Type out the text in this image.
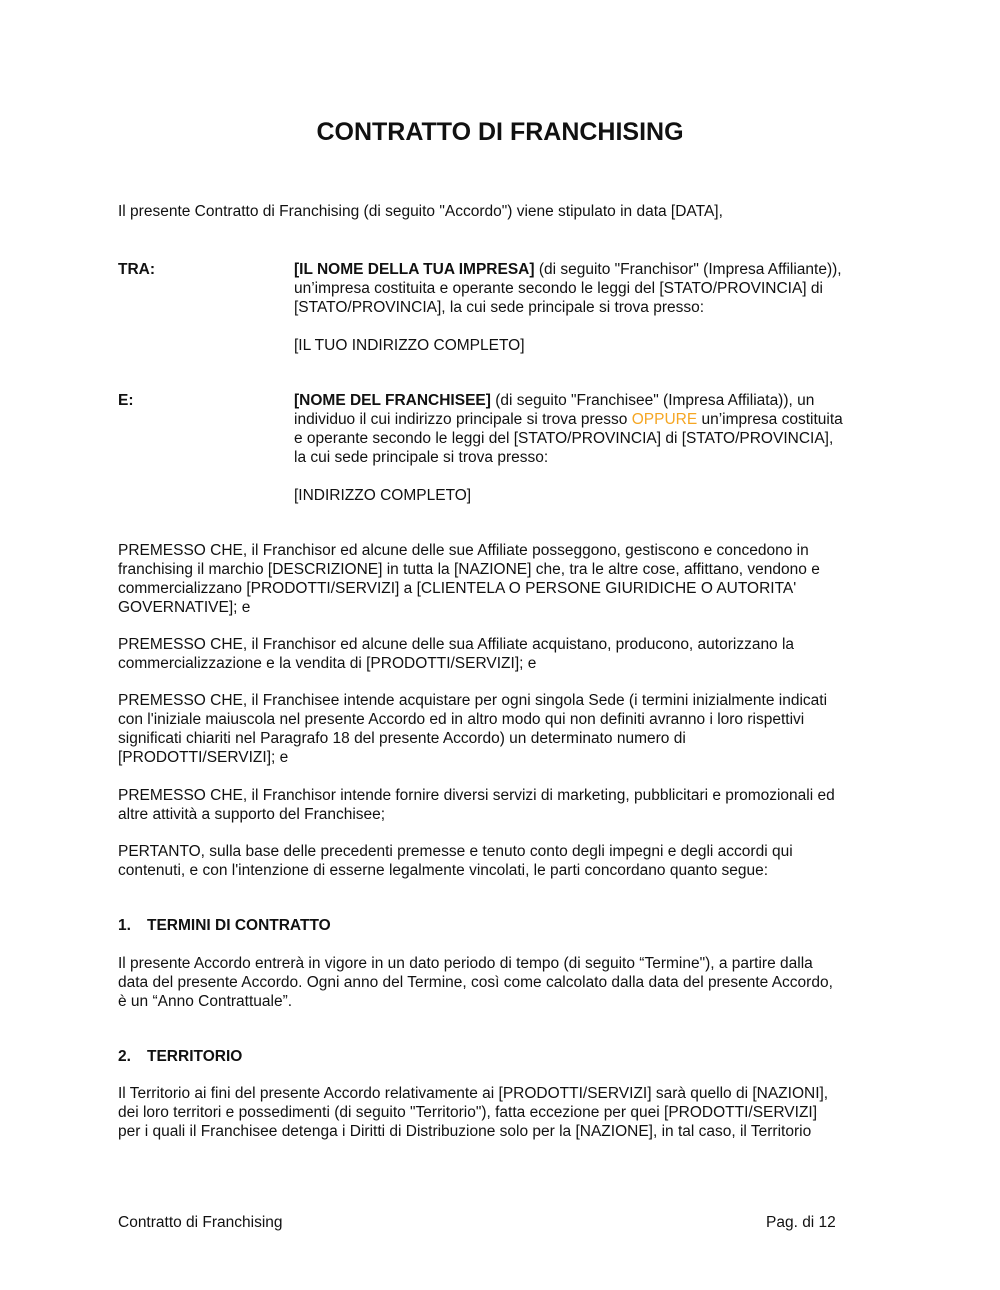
CONTRATTO DI FRANCHISING

Il presente Contratto di Franchising (di seguito "Accordo") viene stipulato in data [DATA],

TRA:	[IL NOME DELLA TUA IMPRESA] (di seguito "Franchisor" (Impresa Affiliante)),

un’impresa costituita e operante secondo le leggi del [STATO/PROVINCIA] di

[STATO/PROVINCIA], la cui sede principale si trova presso:

[IL TUO INDIRIZZO COMPLETO]

E:	[NOME DEL FRANCHISEE] (di seguito "Franchisee" (Impresa Affiliata)), un

individuo il cui indirizzo principale si trova presso OPPURE un’impresa costituita

e operante secondo le leggi del [STATO/PROVINCIA] di [STATO/PROVINCIA],

la cui sede principale si trova presso:

[INDIRIZZO COMPLETO]

PREMESSO CHE, il Franchisor ed alcune delle sue Affiliate posseggono, gestiscono e concedono in
franchising il marchio [DESCRIZIONE] in tutta la [NAZIONE] che, tra le altre cose, affittano, vendono e
commercializzano [PRODOTTI/SERVIZI] a [CLIENTELA O PERSONE GIURIDICHE O AUTORITA'
GOVERNATIVE]; e
PREMESSO CHE, il Franchisor ed alcune delle sua Affiliate acquistano, producono, autorizzano la
commercializzazione e la vendita di [PRODOTTI/SERVIZI]; e
PREMESSO CHE, il Franchisee intende acquistare per ogni singola Sede (i termini inizialmente indicati
con l'iniziale maiuscola nel presente Accordo ed in altro modo qui non definiti avranno i loro rispettivi
significati chiariti nel Paragrafo 18 del presente Accordo) un determinato numero di
[PRODOTTI/SERVIZI]; e
PREMESSO CHE, il Franchisor intende fornire diversi servizi di marketing, pubblicitari e promozionali ed
altre attività a supporto del Franchisee;
PERTANTO, sulla base delle precedenti premesse e tenuto conto degli impegni e degli accordi qui
contenuti, e con l'intenzione di esserne legalmente vincolati, le parti concordano quanto segue:
1. TERMINI DI CONTRATTO
Il presente Accordo entrerà in vigore in un dato periodo di tempo (di seguito “Termine"), a partire dalla
data del presente Accordo. Ogni anno del Termine, così come calcolato dalla data del presente Accordo,
è un “Anno Contrattuale”.
2. TERRITORIO
Il Territorio ai fini del presente Accordo relativamente ai [PRODOTTI/SERVIZI] sarà quello di [NAZIONI],
dei loro territori e possedimenti (di seguito "Territorio"), fatta eccezione per quei [PRODOTTI/SERVIZI]
per i quali il Franchisee detenga i Diritti di Distribuzione solo per la [NAZIONE], in tal caso, il Territorio
Contratto di Franchising	Pag. di 12
